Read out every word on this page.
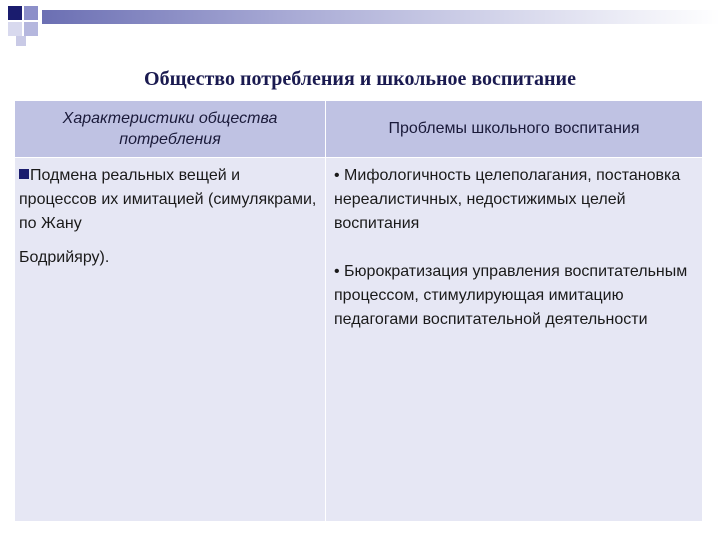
Общество потребления и школьное воспитание
Характеристики общества потребления
Проблемы школьного воспитания
Подмена реальных вещей и процессов их имитацией (симулякрами, по Жану
Бодрийяру).
• Мифологичность целеполагания, постановка нереалистичных, недостижимых целей воспитания
• Бюрократизация управления воспитательным процессом, стимулирующая имитацию педагогами воспитательной деятельности
